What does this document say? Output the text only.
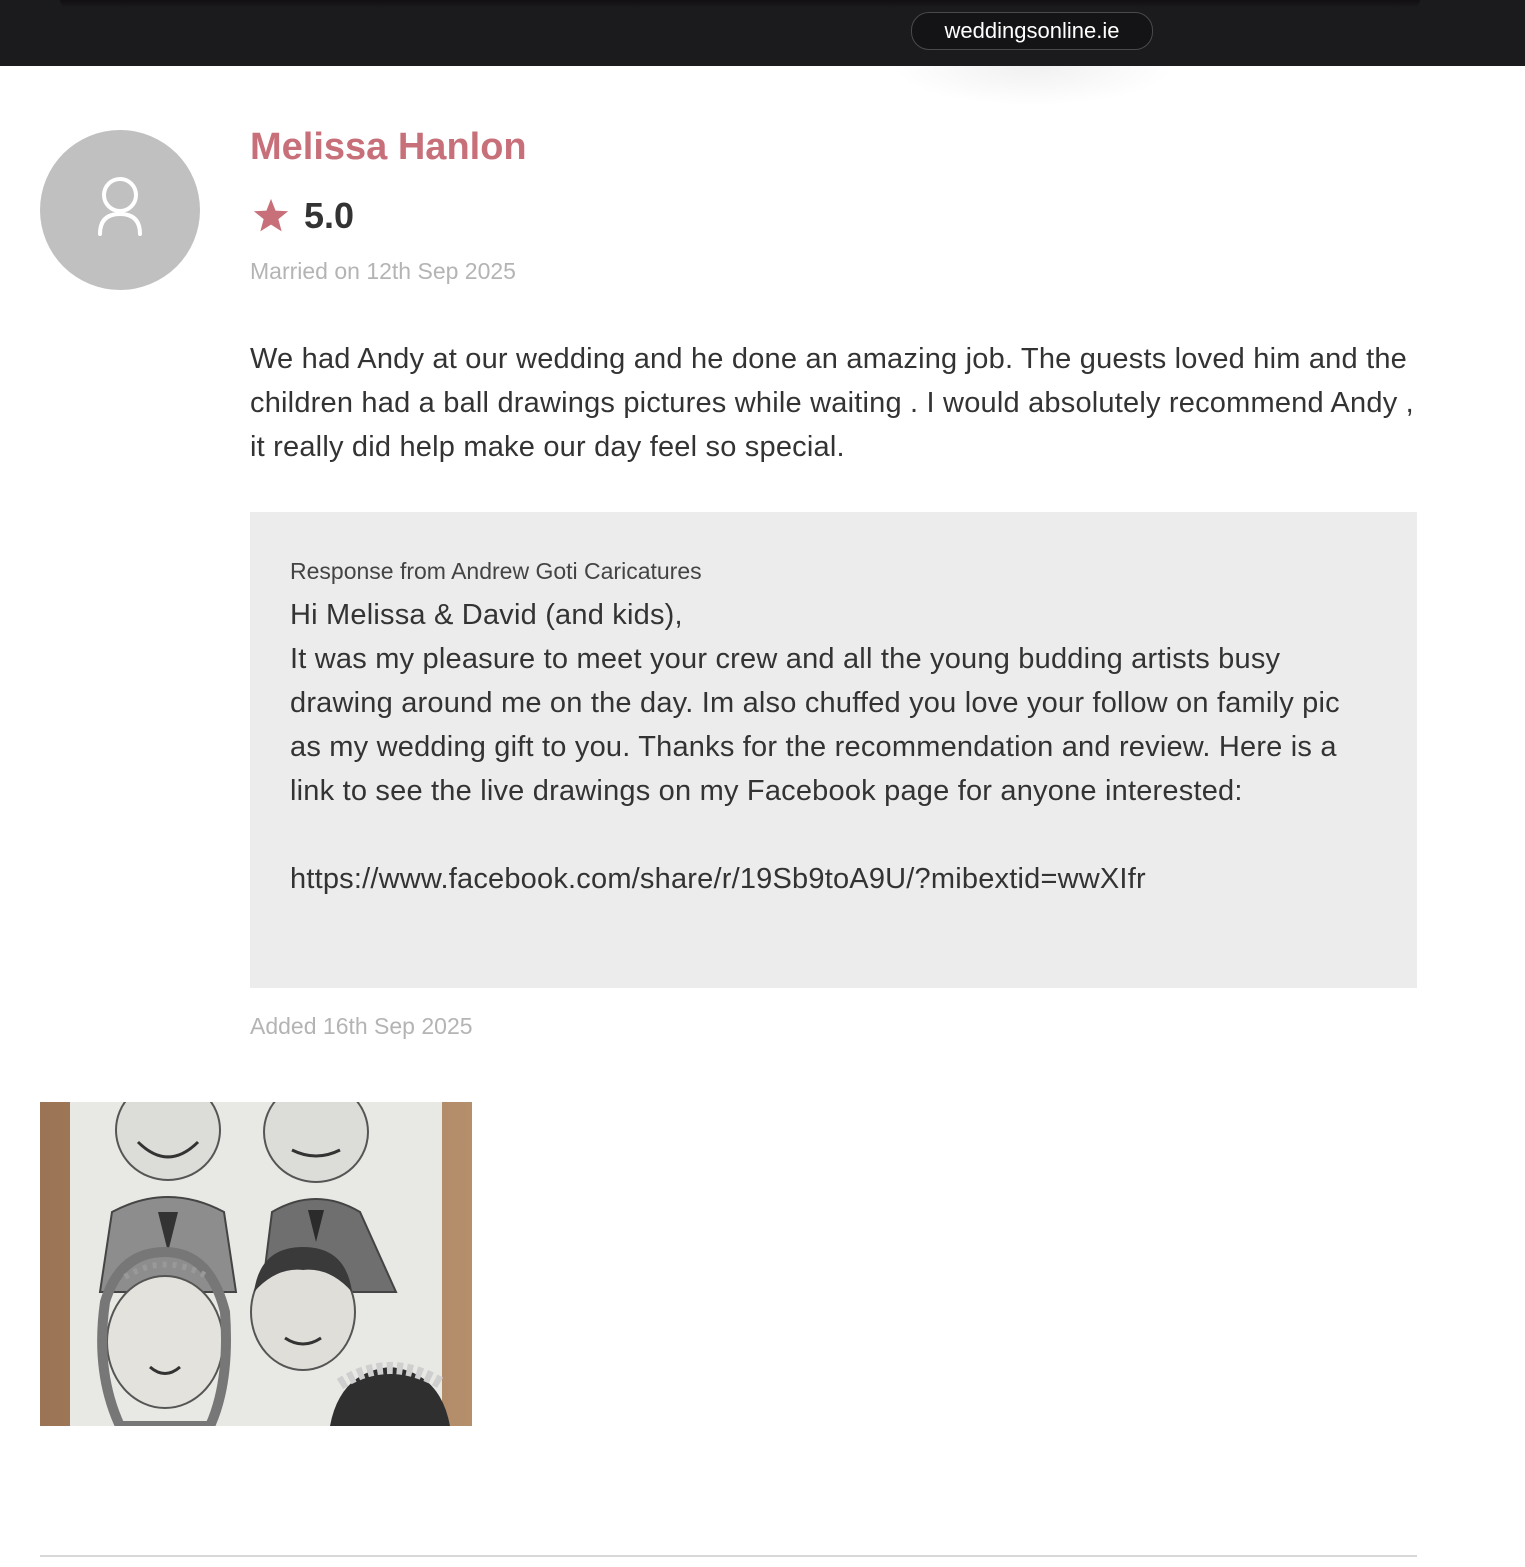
weddingsonline.ie
Melissa Hanlon
5.0
Married on 12th Sep 2025
We had Andy at our wedding and he done an amazing job. The guests loved him and the children had a ball drawings pictures while waiting . I would absolutely recommend Andy , it really did help make our day feel so special.
Response from Andrew Goti Caricatures
Hi Melissa & David (and kids),
It was my pleasure to meet your crew and all the young budding artists busy drawing around me on the day. Im also chuffed you love your follow on family pic as my wedding gift to you. Thanks for the recommendation and review. Here is a link to see the live drawings on my Facebook page for anyone interested:

https://www.facebook.com/share/r/19Sb9toA9U/?mibextid=wwXIfr
Added 16th Sep 2025
